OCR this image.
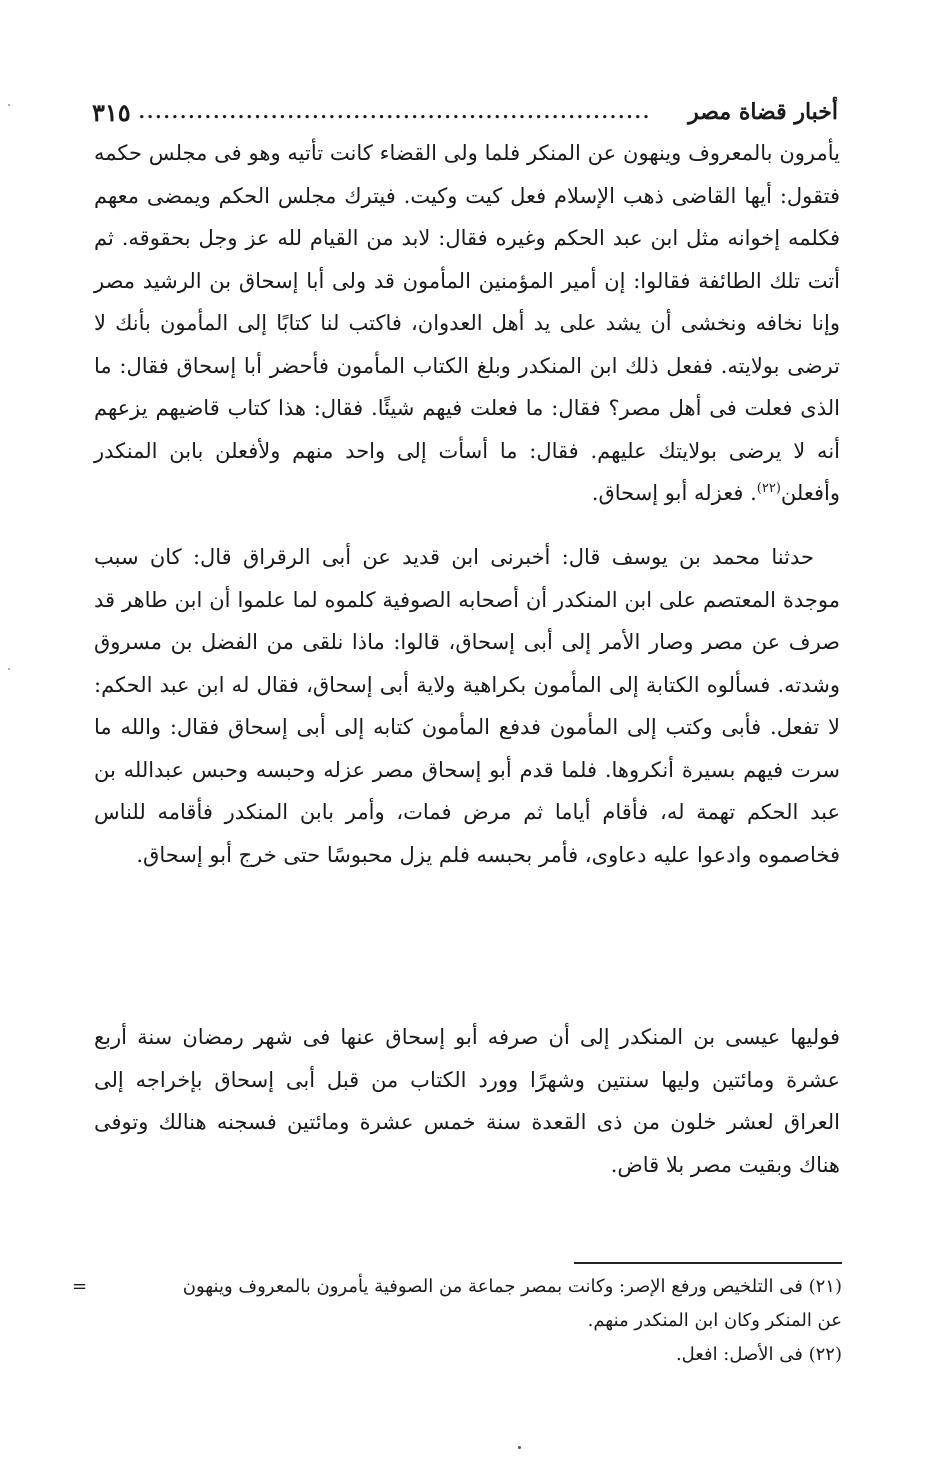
أخبار قضاة مصر
..............................................................
٣١٥
يأمرون بالمعروف وينهون عن المنكر فلما ولى القضاء كانت تأتيه وهو فى مجلس حكمه فتقول: أيها القاضى ذهب الإسلام فعل كيت وكيت. فيترك مجلس الحكم ويمضى معهم فكلمه إخوانه مثل ابن عبد الحكم وغيره فقال: لابد من القيام لله عز وجل بحقوقه. ثم أتت تلك الطائفة فقالوا: إن أمير المؤمنين المأمون قد ولى أبا إسحاق بن الرشيد مصر وإنا نخافه ونخشى أن يشد على يد أهل العدوان، فاكتب لنا كتابًا إلى المأمون بأنك لا ترضى بولايته. ففعل ذلك ابن المنكدر وبلغ الكتاب المأمون فأحضر أبا إسحاق فقال: ما الذى فعلت فى أهل مصر؟ فقال: ما فعلت فيهم شيئًا. فقال: هذا كتاب قاضيهم يزعهم أنه لا يرضى بولايتك عليهم. فقال: ما أسأت إلى واحد منهم ولأفعلن بابن المنكدر وأفعلن$^{(٢٢)}$. فعزله أبو إسحاق.
حدثنا محمد بن يوسف قال: أخبرنى ابن قديد عن أبى الرقراق قال: كان سبب موجدة المعتصم على ابن المنكدر أن أصحابه الصوفية كلموه لما علموا أن ابن طاهر قد صرف عن مصر وصار الأمر إلى أبى إسحاق، قالوا: ماذا نلقى من الفضل بن مسروق وشدته. فسألوه الكتابة إلى المأمون بكراهية ولاية أبى إسحاق، فقال له ابن عبد الحكم: لا تفعل. فأبى وكتب إلى المأمون فدفع المأمون كتابه إلى أبى إسحاق فقال: والله ما سرت فيهم بسيرة أنكروها. فلما قدم أبو إسحاق مصر عزله وحبسه وحبس عبدالله بن عبد الحكم تهمة له، فأقام أياما ثم مرض فمات، وأمر بابن المنكدر فأقامه للناس فخاصموه وادعوا عليه دعاوى، فأمر بحبسه فلم يزل محبوسًا حتى خرج أبو إسحاق.
فوليها عيسى بن المنكدر إلى أن صرفه أبو إسحاق عنها فى شهر رمضان سنة أربع عشرة ومائتين وليها سنتين وشهرًا وورد الكتاب من قبل أبى إسحاق بإخراجه إلى العراق لعشر خلون من ذى القعدة سنة خمس عشرة ومائتين فسجنه هنالك وتوفى هناك وبقيت مصر بلا قاض.
(٢١) فى التلخيص ورفع الإصر: وكانت بمصر جماعة من الصوفية يأمرون بالمعروف وينهون
عن المنكر وكان ابن المنكدر منهم.
=
(٢٢) فى الأصل: افعل.
